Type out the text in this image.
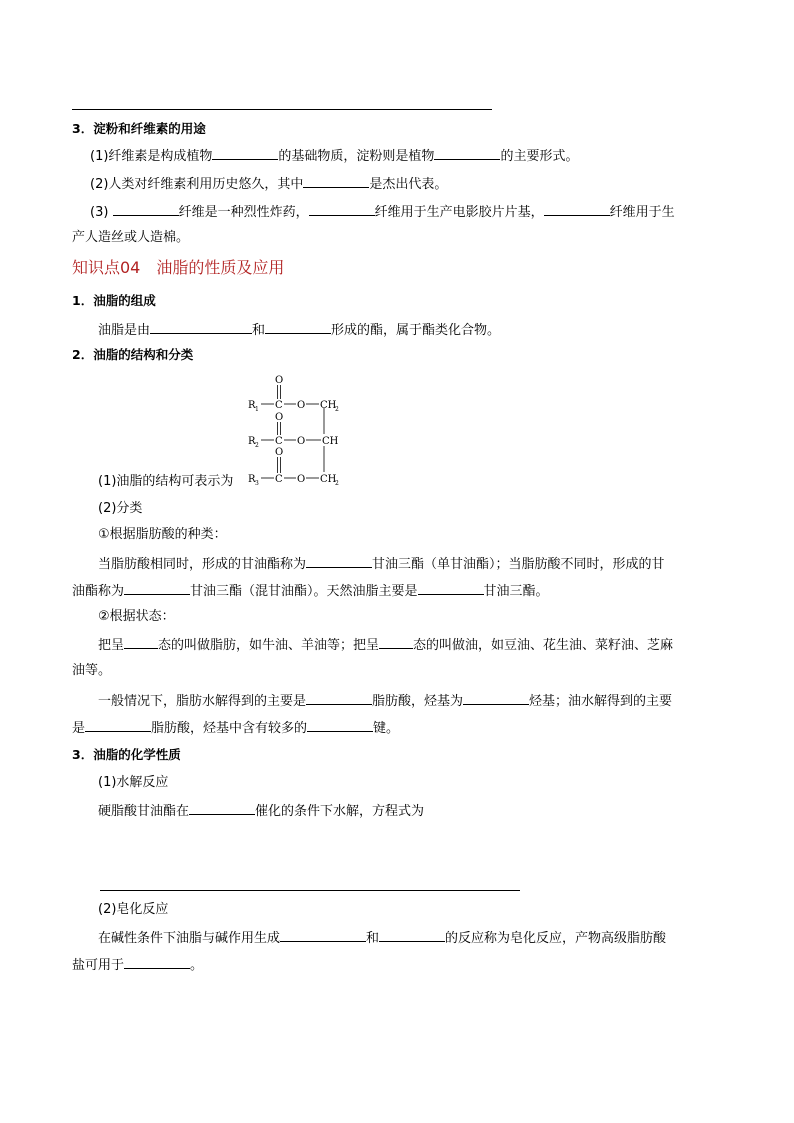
3．淀粉和纤维素的用途
(1)纤维素是构成植物	的基础物质，淀粉则是植物	的主要形式。
(2)人类对纤维素利用历史悠久，其中	是杰出代表。
(3)	纤维是一种烈性炸药，	纤维用于生产电影胶片片基，	纤维用于生
产人造丝或人造棉。
知识点04　油脂的性质及应用
1．油脂的组成
油脂是由	和	形成的酯，属于酯类化合物。
2．油脂的结构和分类
O
O
O
R 1
R 2
R 3
C
C
C
O
O
O
CH
2
CH
CH
2
(1)油脂的结构可表示为
(2)分类
①根据脂肪酸的种类：
当脂肪酸相同时，形成的甘油酯称为	甘油三酯（单甘油酯）；当脂肪酸不同时，形成的甘
油酯称为	甘油三酯（混甘油酯）。天然油脂主要是	甘油三酯。
②根据状态：
把呈	态的叫做脂肪，如牛油、羊油等；把呈	态的叫做油，如豆油、花生油、菜籽油、芝麻
油等。
一般情况下，脂肪水解得到的主要是	脂肪酸，烃基为	烃基；油水解得到的主要
是	脂肪酸，烃基中含有较多的	键。
3．油脂的化学性质
(1)水解反应
硬脂酸甘油酯在	催化的条件下水解，方程式为
(2)皂化反应
在碱性条件下油脂与碱作用生成	和	的反应称为皂化反应，产物高级脂肪酸
盐可用于	。
